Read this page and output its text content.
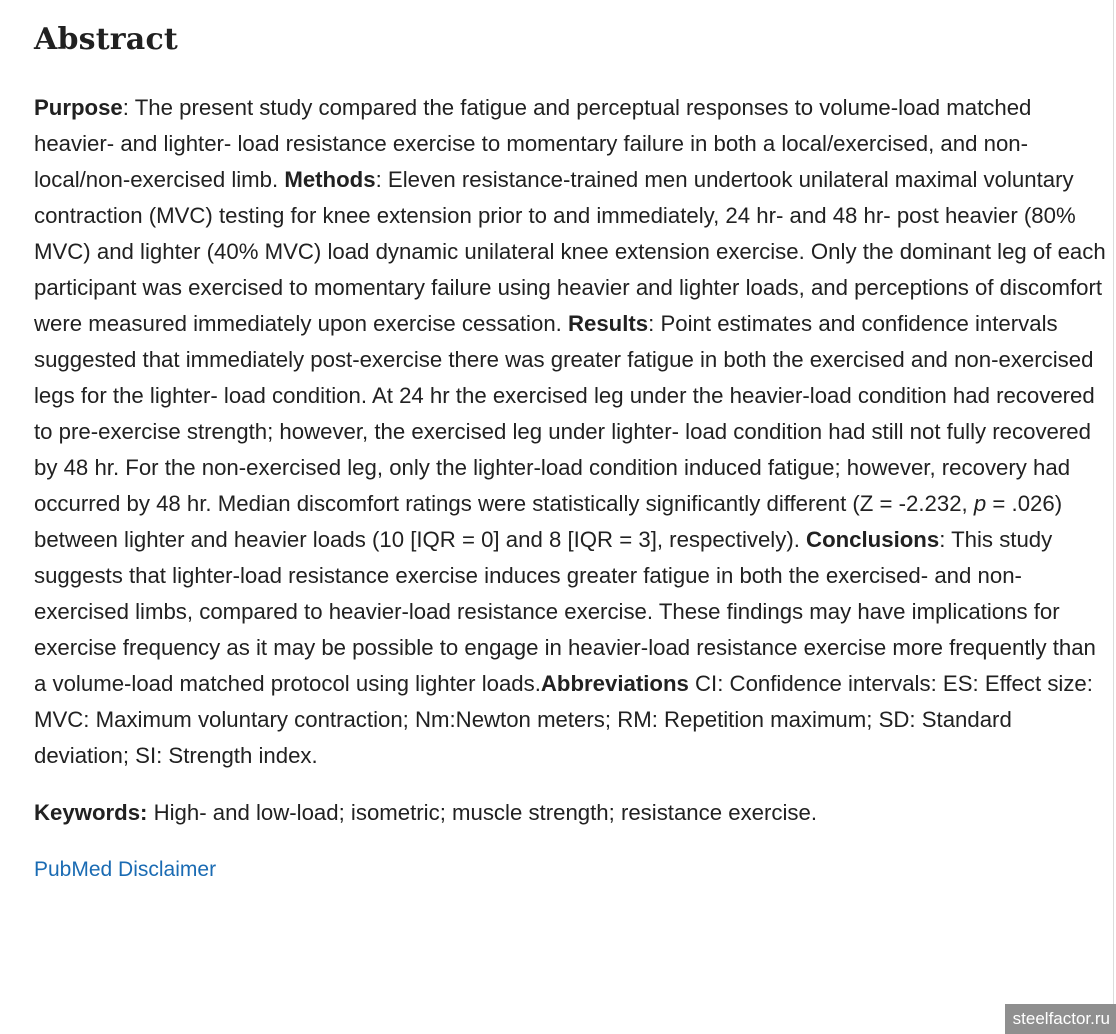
Abstract

Purpose: The present study compared the fatigue and perceptual responses to volume-load matched heavier- and lighter- load resistance exercise to momentary failure in both a local/exercised, and non-local/non-exercised limb. Methods: Eleven resistance-trained men undertook unilateral maximal voluntary contraction (MVC) testing for knee extension prior to and immediately, 24 hr- and 48 hr- post heavier (80% MVC) and lighter (40% MVC) load dynamic unilateral knee extension exercise. Only the dominant leg of each participant was exercised to momentary failure using heavier and lighter loads, and perceptions of discomfort were measured immediately upon exercise cessation. Results: Point estimates and confidence intervals suggested that immediately post-exercise there was greater fatigue in both the exercised and non-exercised legs for the lighter- load condition. At 24 hr the exercised leg under the heavier-load condition had recovered to pre-exercise strength; however, the exercised leg under lighter- load condition had still not fully recovered by 48 hr. For the non-exercised leg, only the lighter-load condition induced fatigue; however, recovery had occurred by 48 hr. Median discomfort ratings were statistically significantly different (Z = -2.232, p = .026) between lighter and heavier loads (10 [IQR = 0] and 8 [IQR = 3], respectively). Conclusions: This study suggests that lighter-load resistance exercise induces greater fatigue in both the exercised- and non-exercised limbs, compared to heavier-load resistance exercise. These findings may have implications for exercise frequency as it may be possible to engage in heavier-load resistance exercise more frequently than a volume-load matched protocol using lighter loads.Abbreviations CI: Confidence intervals: ES: Effect size: MVC: Maximum voluntary contraction; Nm:Newton meters; RM: Repetition maximum; SD: Standard deviation; SI: Strength index.

Keywords: High- and low-load; isometric; muscle strength; resistance exercise.

PubMed Disclaimer
steelfactor.ru
